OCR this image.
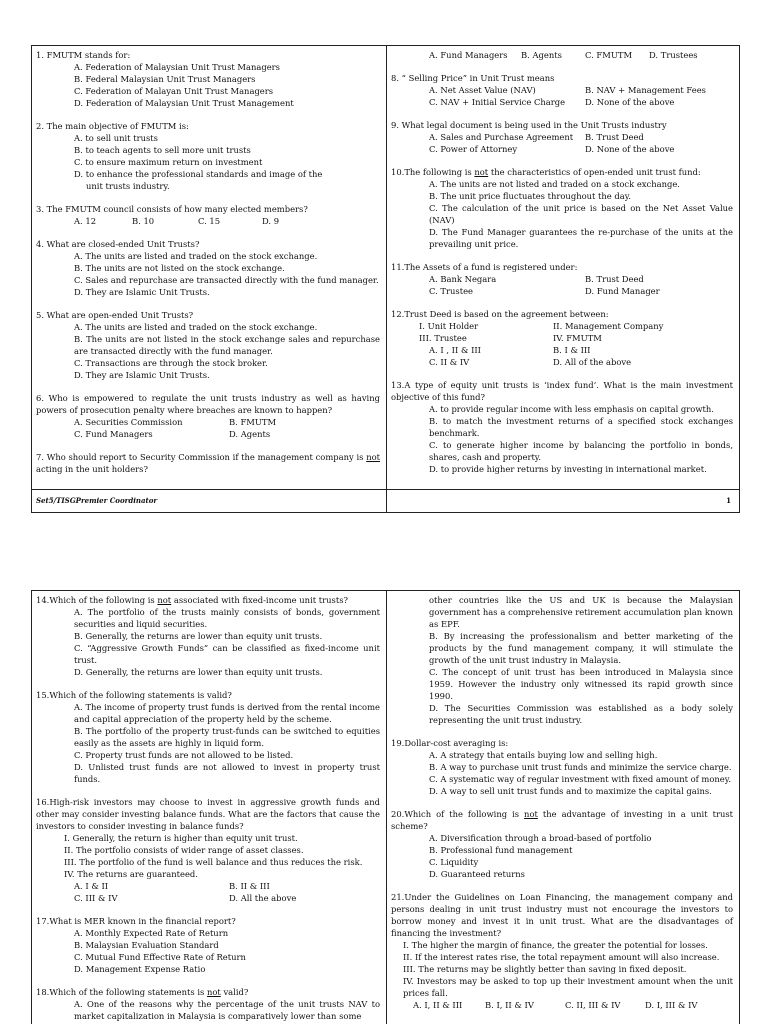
1. FMUTM stands for:
A. Federation of Malaysian Unit Trust Managers
B. Federal Malaysian Unit Trust Managers
C. Federation of Malayan Unit Trust Managers
D. Federation of Malaysian Unit Trust Management
2. The main objective of FMUTM is:
A. to sell unit trusts
B. to teach agents to sell more unit trusts
C. to ensure maximum return on investment
D. to enhance the professional standards and image of the
unit trusts industry.
3. The FMUTM council consists of how many elected members?
A. 12	B. 10	C. 15	D. 9
4. What are closed-ended Unit Trusts?
A. The units are listed and traded on the stock exchange.
B. The units are not listed on the stock exchange.
C. Sales and repurchase are transacted directly with the fund manager.
D. They are Islamic Unit Trusts.
5. What are open-ended Unit Trusts?
A. The units are listed and traded on the stock exchange.
B. The units are not listed in the stock exchange sales and repurchase are transacted directly with the fund manager.
C. Transactions are through the stock broker.
D. They are Islamic Unit Trusts.
6. Who is empowered to regulate the unit trusts industry as well as having powers of prosecution penalty where breaches are known to happen?
A. Securities Commission	B. FMUTM
C. Fund Managers	D. Agents
7. Who should report to Security Commission if the management company is not acting in the unit holders?
A. Fund Managers	B. Agents	C. FMUTM	D. Trustees
8. “ Selling Price” in Unit Trust means
A. Net Asset Value (NAV)	B. NAV + Management Fees
C. NAV + Initial Service Charge	D. None of the above
9. What legal document is being used in the Unit Trusts industry
A. Sales and Purchase Agreement	B. Trust Deed
C. Power of Attorney	D. None of the above
10.The following is not the characteristics of open-ended unit trust fund:
A. The units are not listed and traded on a stock exchange.
B. The unit price fluctuates throughout the day.
C. The calculation of the unit price is based on the Net Asset Value (NAV)
D. The Fund Manager guarantees the re-purchase of the units at the prevailing unit price.
11.The Assets of a fund is registered under:
A. Bank Negara	B. Trust Deed
C. Trustee	D. Fund Manager
12.Trust Deed is based on the agreement between:
I. Unit Holder	II. Management Company
III. Trustee	IV. FMUTM
A. I , II & III	B. I & III
C. II & IV	D. All of the above
13.A type of equity unit trusts is ‘index fund’. What is the main investment objective of this fund?
A. to provide regular income with less emphasis on capital growth.
B. to match the investment returns of a specified stock exchanges benchmark.
C. to generate higher income by balancing the portfolio in bonds, shares, cash and property.
D. to provide higher returns by investing in international market.
Set5/TISGPremier Coordinator	1
14.Which of the following is not associated with fixed-income unit trusts?
A. The portfolio of the trusts mainly consists of bonds, government securities and liquid securities.
B. Generally, the returns are lower than equity unit trusts.
C. “Aggressive Growth Funds” can be classified as fixed-income unit trust.
D. Generally, the returns are lower than equity unit trusts.
15.Which of the following statements is valid?
A. The income of property trust funds is derived from the rental income and capital appreciation of the property held by the scheme.
B. The portfolio of the property trust-funds can be switched to equities easily as the assets are highly in liquid form.
C. Property trust funds are not allowed to be listed.
D. Unlisted trust funds are not allowed to invest in property trust funds.
16.High-risk investors may choose to invest in aggressive growth funds and other may consider investing balance funds. What are the factors that cause the investors to consider investing in balance funds?
I. Generally, the return is higher than equity unit trust.
II. The portfolio consists of wider range of asset classes.
III. The portfolio of the fund is well balance and thus reduces the risk.
IV. The returns are guaranteed.
A. I & II	B. II & III
C. III & IV	D. All the above
17.What is MER known in the financial report?
A. Monthly Expected Rate of Return
B. Malaysian Evaluation Standard
C. Mutual Fund Effective Rate of Return
D. Management Expense Ratio
18.Which of the following statements is not valid?
A. One of the reasons why the percentage of the unit trusts NAV to market capitalization in Malaysia is comparatively lower than some
other countries like the US and UK is because the Malaysian government has a comprehensive retirement accumulation plan known as EPF.
B. By increasing the professionalism and better marketing of the products by the fund management company, it will stimulate the growth of the unit trust industry in Malaysia.
C. The concept of unit trust has been introduced in Malaysia since 1959. However the industry only witnessed its rapid growth since 1990.
D. The Securities Commission was established as a body solely representing the unit trust industry.
19.Dollar-cost averaging is:
A. A strategy that entails buying low and selling high.
B. A way to purchase unit trust funds and minimize the service charge.
C. A systematic way of regular investment with fixed amount of money.
D. A way to sell unit trust funds and to maximize the capital gains.
20.Which of the following is not the advantage of investing in a unit trust scheme?
A. Diversification through a broad-based of portfolio
B. Professional fund management
C. Liquidity
D. Guaranteed returns
21.Under the Guidelines on Loan Financing, the management company and persons dealing in unit trust industry must not encourage the investors to borrow money and invest it in unit trust. What are the disadvantages of financing the investment?
I. The higher the margin of finance, the greater the potential for losses.
II. If the interest rates rise, the total repayment amount will also increase.
III. The returns may be slightly better than saving in fixed deposit.
IV. Investors may be asked to top up their investment amount when the unit prices fall.
A. I, II & III	B. I, II & IV	C. II, III & IV	D. I, III & IV
